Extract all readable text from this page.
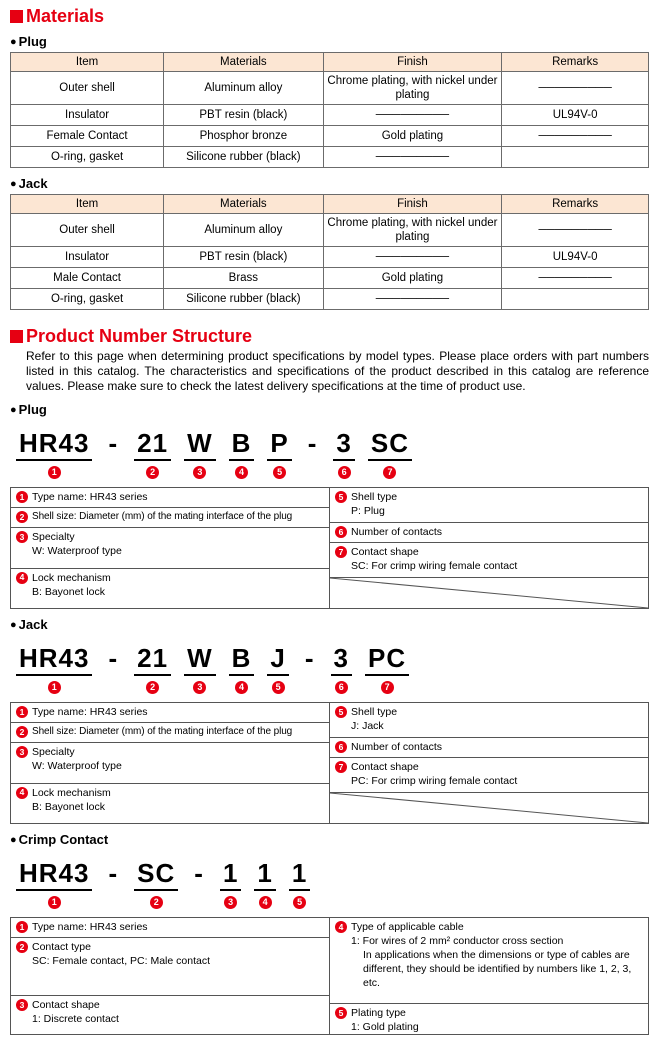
Materials
● Plug
Item	Materials	Finish	Remarks
Outer shell	Aluminum alloy	Chrome plating, with nickel under plating	─────────
Insulator	PBT resin (black)	─────────	UL94V-0
Female Contact	Phosphor bronze	Gold plating	─────────
O-ring, gasket	Silicone rubber (black)	─────────	
● Jack
Item	Materials	Finish	Remarks
Outer shell	Aluminum alloy	Chrome plating, with nickel under plating	─────────
Insulator	PBT resin (black)	─────────	UL94V-0
Male Contact	Brass	Gold plating	─────────
O-ring, gasket	Silicone rubber (black)	─────────	
Product Number Structure

Refer to this page when determining product specifications by model types. Please place orders with part numbers listed in this catalog. The characteristics and specifications of the product described in this catalog are reference values. Please make sure to check the latest delivery specifications at the time of product use.

● Plug
HR43
1
- 21
2
W
3
B
4
P
5
- 3
6
SC
7
1 Type name: HR43 series
2 Shell size: Diameter (mm) of the mating interface of the plug
3 Specialty
W: Waterproof type
4 Lock mechanism
B: Bayonet lock
5 Shell type
P: Plug
6 Number of contacts
7 Contact shape
SC: For crimp wiring female contact
● Jack
HR43
1
- 21
2
W
3
B
4
J
5
- 3
6
PC
7
1 Type name: HR43 series
2 Shell size: Diameter (mm) of the mating interface of the plug
3 Specialty
W: Waterproof type
4 Lock mechanism
B: Bayonet lock
5 Shell type
J: Jack
6 Number of contacts
7 Contact shape
PC: For crimp wiring female contact
● Crimp Contact
HR43
1
- SC
2
- 1
3
1
4
1
5
1 Type name: HR43 series
2 Contact type
SC: Female contact, PC: Male contact
3 Contact shape
1: Discrete contact
4 Type of applicable cable
1: For wires of 2 mm² conductor cross section
In applications when the dimensions or type of cables are different, they should be identified by numbers like 1, 2, 3, etc.
5 Plating type
1: Gold plating
